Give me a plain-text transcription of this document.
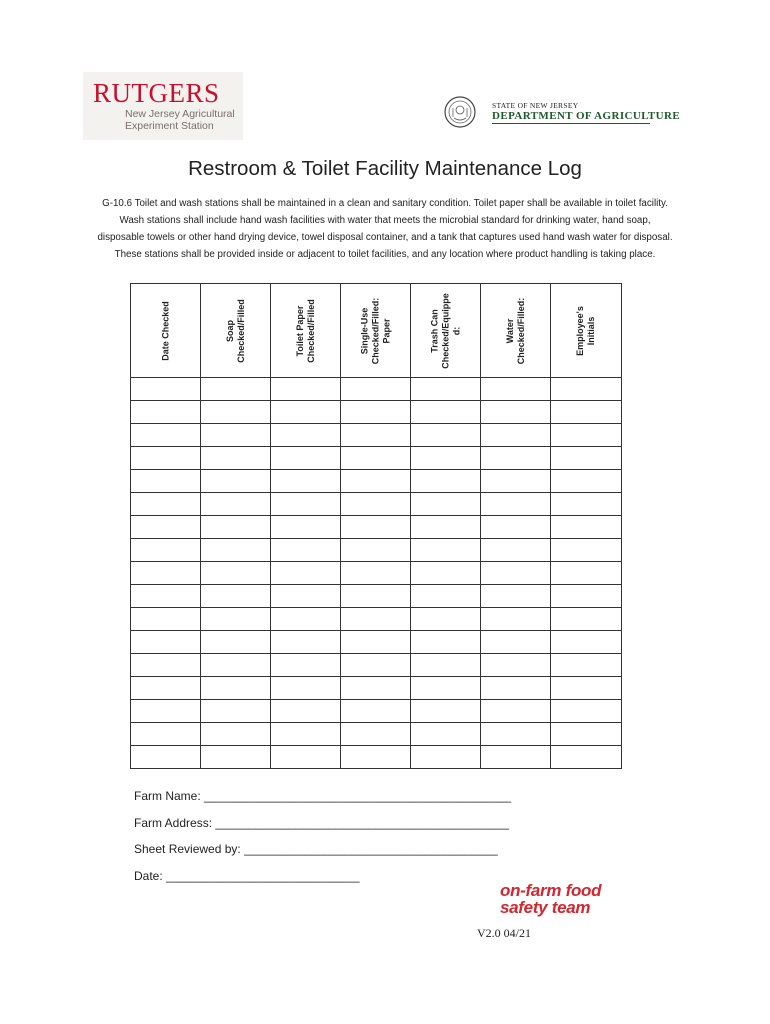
RUTGERS
New Jersey Agricultural
Experiment Station
STATE OF NEW JERSEY
DEPARTMENT OF AGRICULTURE
Restroom & Toilet Facility Maintenance Log

G-10.6 Toilet and wash stations shall be maintained in a clean and sanitary condition. Toilet paper shall be available in toilet facility.

Wash stations shall include hand wash facilities with water that meets the microbial standard for drinking water, hand soap,

disposable towels or other hand drying device, towel disposal container, and a tank that captures used hand wash water for disposal.

These stations shall be provided inside or adjacent to toilet facilities, and any location where product handling is taking place.

Date Checked	Soap Checked/Filled	Toilet Paper Checked/Filled	Single-Use Checked/Filled: Paper	Trash Can Checked/Equippe d:	Water Checked/Filled:	Employee's Initials

Farm Name: ______________________________________________
Farm Address: ____________________________________________
Sheet Reviewed by: ______________________________________
Date: _____________________________
on-farm food
safety team
V2.0 04/21
